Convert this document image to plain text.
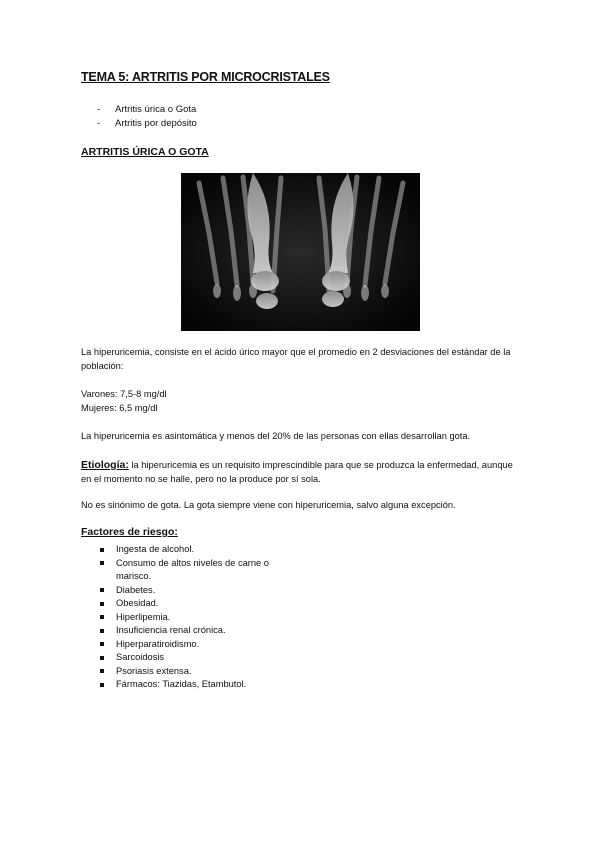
TEMA 5: ARTRITIS POR MICROCRISTALES
-	Artritis úrica o Gota
-	Artritis por depósito
ARTRITIS ÚRICA O GOTA

La hiperuricemia, consiste en el ácido úrico mayor que el promedio en 2 desviaciones del estándar de la población:

Varones: 7,5-8 mg/dl

Mujeres: 6,5 mg/dl

La hiperuricemia es asintomática y menos del 20% de las personas con ellas desarrollan gota.

Etiología: la hiperuricemia es un requisito imprescindible para que se produzca la enfermedad, aunque en el momento no se halle, pero no la produce por sí sola.

No es sinónimo de gota. La gota siempre viene con hiperuricemia, salvo alguna excepción.

Factores de riesgo:
Ingesta de alcohol.
Consumo de altos niveles de carne o marisco.
Diabetes.
Obesidad.
Hiperlipemia.
Insuficiencia renal crónica.
Hiperparatiroidismo.
Sarcoidosis
Psoriasis extensa.
Fármacos: Tiazidas, Etambutol.
